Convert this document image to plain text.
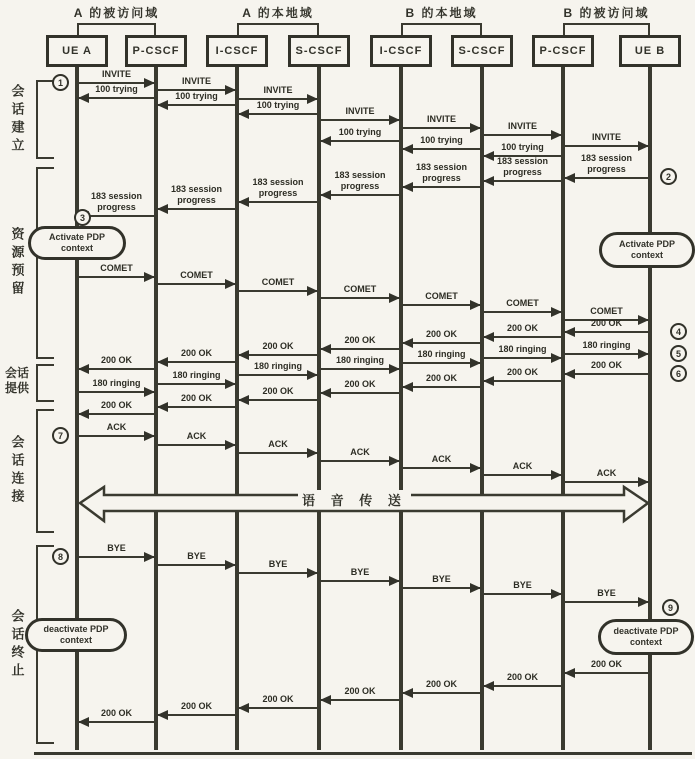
语 音 传 送
A 的被访问域	A 的本地域	B 的本地域	B 的被访问域
会话建立
资源预留
会话提供
会话连接
会话终止
UE A	P-CSCF	I-CSCF	S-CSCF	I-CSCF	S-CSCF	P-CSCF	UE B
INVITE
100 trying
INVITE
100 trying
INVITE
100 trying
INVITE
100 trying
INVITE
100 trying
INVITE
100 trying
INVITE
183 session progress
183 session progress
183 session progress
183 session progress
183 session progress
183 session progress
183 session progress
COMET
COMET
COMET
COMET
COMET
COMET
COMET
200 OK
200 OK
200 OK
200 OK
200 OK
200 OK
200 OK
180 ringing
180 ringing
180 ringing
180 ringing
180 ringing
180 ringing
180 ringing
200 OK
200 OK
200 OK
200 OK
200 OK
200 OK
200 OK
ACK
ACK
ACK
ACK
ACK
ACK
ACK
BYE
BYE
BYE
BYE
BYE
BYE
BYE
200 OK
200 OK
200 OK
200 OK
200 OK
200 OK
200 OK
Activate PDP context	Activate PDP context
deactivate PDP context
deactivate PDP context
1
2
3
4
5
6
7
8
9
